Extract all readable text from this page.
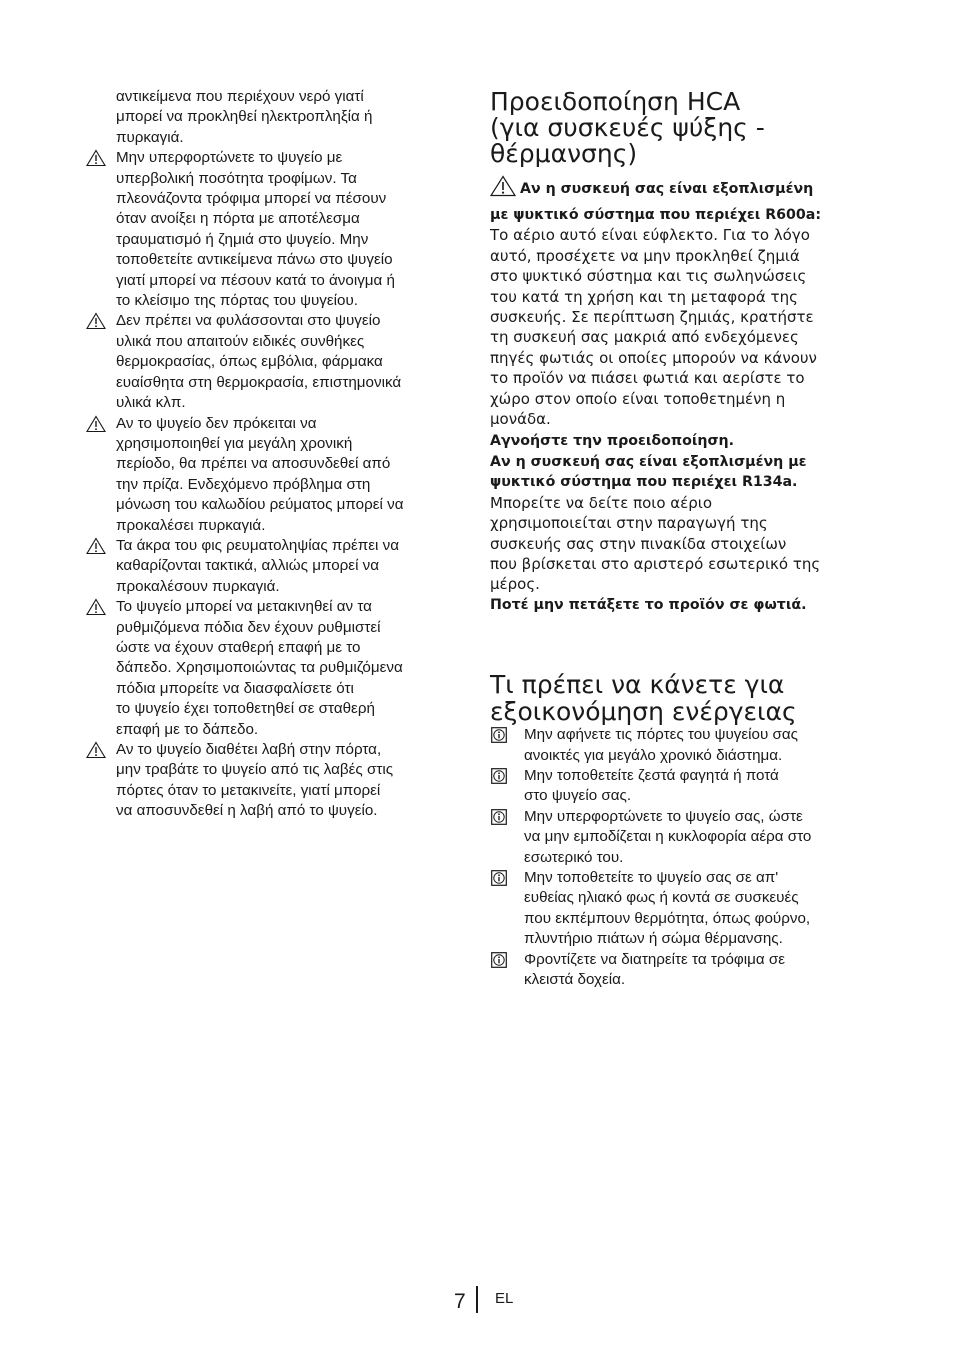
αντικείμενα που περιέχουν νερό γιατί
μπορεί να προκληθεί ηλεκτροπληξία ή
πυρκαγιά.
Μην υπερφορτώνετε το ψυγείο με
υπερβολική ποσότητα τροφίμων. Τα
πλεονάζοντα τρόφιμα μπορεί να πέσουν
όταν ανοίξει η πόρτα με αποτέλεσμα
τραυματισμό ή ζημιά στο ψυγείο. Μην
τοποθετείτε αντικείμενα πάνω στο ψυγείο
γιατί μπορεί να πέσουν κατά το άνοιγμα ή
το κλείσιμο της πόρτας του ψυγείου.
Δεν πρέπει να φυλάσσονται στο ψυγείο
υλικά που απαιτούν ειδικές συνθήκες
θερμοκρασίας, όπως εμβόλια, φάρμακα
ευαίσθητα στη θερμοκρασία, επιστημονικά
υλικά κλπ.
Αν το ψυγείο δεν πρόκειται να
χρησιμοποιηθεί για μεγάλη χρονική
περίοδο, θα πρέπει να αποσυνδεθεί από
την πρίζα. Ενδεχόμενο πρόβλημα στη
μόνωση του καλωδίου ρεύματος μπορεί να
προκαλέσει πυρκαγιά.
Τα άκρα του φις ρευματοληψίας πρέπει να
καθαρίζονται τακτικά, αλλιώς μπορεί να
προκαλέσουν πυρκαγιά.
Το ψυγείο μπορεί να μετακινηθεί αν τα
ρυθμιζόμενα πόδια δεν έχουν ρυθμιστεί
ώστε να έχουν σταθερή επαφή με το
δάπεδο. Χρησιμοποιώντας τα ρυθμιζόμενα
πόδια μπορείτε να διασφαλίσετε ότι
το ψυγείο έχει τοποθετηθεί σε σταθερή
επαφή με το δάπεδο.
Αν το ψυγείο διαθέτει λαβή στην πόρτα,
μην τραβάτε το ψυγείο από τις λαβές στις
πόρτες όταν το μετακινείτε, γιατί μπορεί
να αποσυνδεθεί η λαβή από το ψυγείο.
Προειδοποίηση HCA
(για συσκευές ψύξης -
θέρμανσης)
Αν η συσκευή σας είναι εξοπλισμένη
με ψυκτικό σύστημα που περιέχει R600a:
Το αέριο αυτό είναι εύφλεκτο. Για το λόγο
αυτό, προσέχετε να μην προκληθεί ζημιά
στο ψυκτικό σύστημα και τις σωληνώσεις
του κατά τη χρήση και τη μεταφορά της
συσκευής. Σε περίπτωση ζημιάς, κρατήστε
τη συσκευή σας μακριά από ενδεχόμενες
πηγές φωτιάς οι οποίες μπορούν να κάνουν
το προϊόν να πιάσει φωτιά και αερίστε το
χώρο στον οποίο είναι τοποθετημένη η
μονάδα.
Αγνοήστε την προειδοποίηση.
Αν η συσκευή σας είναι εξοπλισμένη με
ψυκτικό σύστημα που περιέχει R134a.
Μπορείτε να δείτε ποιο αέριο
χρησιμοποιείται στην παραγωγή της
συσκευής σας στην πινακίδα στοιχείων
που βρίσκεται στο αριστερό εσωτερικό της
μέρος.
Ποτέ μην πετάξετε το προϊόν σε φωτιά.
Τι πρέπει να κάνετε για
εξοικονόμηση ενέργειας
Μην αφήνετε τις πόρτες του ψυγείου σας
ανοικτές για μεγάλο χρονικό διάστημα.
Μην τοποθετείτε ζεστά φαγητά ή ποτά
στο ψυγείο σας.
Μην υπερφορτώνετε το ψυγείο σας, ώστε
να μην εμποδίζεται η κυκλοφορία αέρα στο
εσωτερικό του.
Μην τοποθετείτε το ψυγείο σας σε απ'
ευθείας ηλιακό φως ή κοντά σε συσκευές
που εκπέμπουν θερμότητα, όπως φούρνο,
πλυντήριο πιάτων ή σώμα θέρμανσης.
Φροντίζετε να διατηρείτε τα τρόφιμα σε
κλειστά δοχεία.
7 EL
